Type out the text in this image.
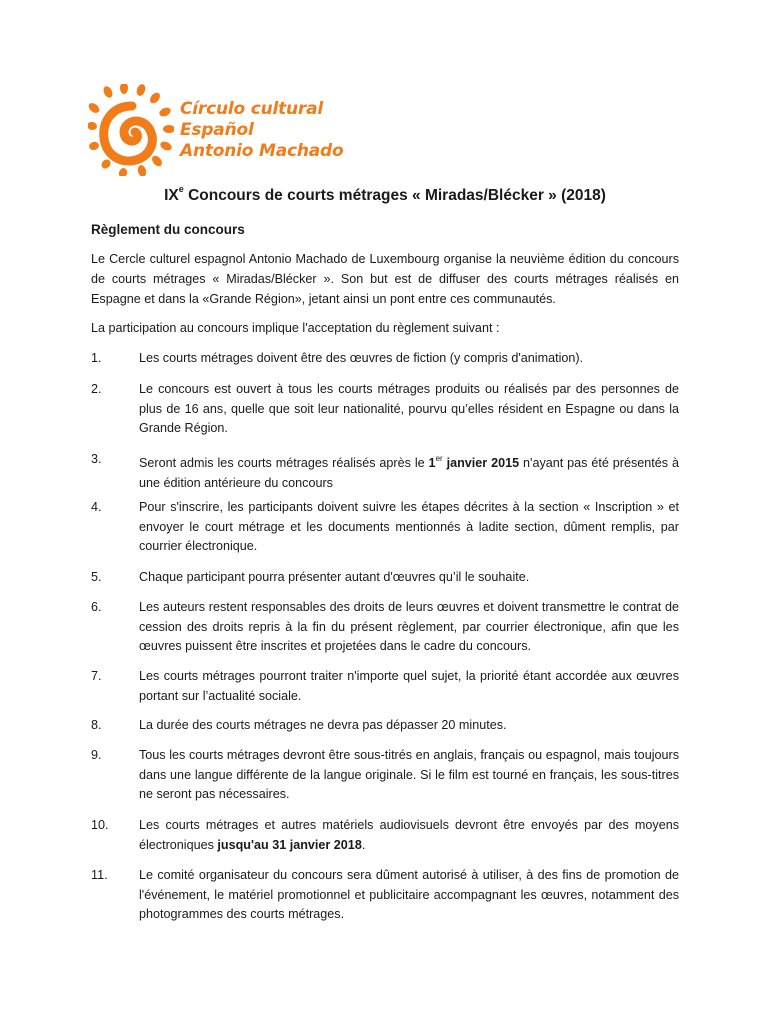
Círculo cultural Español
Antonio Machado
IXe Concours de courts métrages « Miradas/Blécker » (2018)
Règlement du concours

Le Cercle culturel espagnol Antonio Machado de Luxembourg organise la neuvième édition du concours de courts métrages « Miradas/Blécker ». Son but est de diffuser des courts métrages réalisés en Espagne et dans la «Grande Région», jetant ainsi un pont entre ces communautés.

La participation au concours implique l'acceptation du règlement suivant :

1.	Les courts métrages doivent être des œuvres de fiction (y compris d'animation).
2.	Le concours est ouvert à tous les courts métrages produits ou réalisés par des personnes de plus de 16 ans, quelle que soit leur nationalité, pourvu qu’elles résident en Espagne ou dans la Grande Région.
3.	Seront admis les courts métrages réalisés après le 1er janvier 2015 n'ayant pas été présentés à une édition antérieure du concours
4.	Pour s'inscrire, les participants doivent suivre les étapes décrites à la section « Inscription » et envoyer le court métrage et les documents mentionnés à ladite section, dûment remplis, par courrier électronique.
5.	Chaque participant pourra présenter autant d'œuvres qu’il le souhaite.
6.	Les auteurs restent responsables des droits de leurs œuvres et doivent transmettre le contrat de cession des droits repris à la fin du présent règlement, par courrier électronique, afin que les œuvres puissent être inscrites et projetées dans le cadre du concours.
7.	Les courts métrages pourront traiter n'importe quel sujet, la priorité étant accordée aux œuvres portant sur l’actualité sociale.
8.	La durée des courts métrages ne devra pas dépasser 20 minutes.
9.	Tous les courts métrages devront être sous-titrés en anglais, français ou espagnol, mais toujours dans une langue différente de la langue originale. Si le film est tourné en français, les sous-titres ne seront pas nécessaires.
10.	Les courts métrages et autres matériels audiovisuels devront être envoyés par des moyens électroniques jusqu'au 31 janvier 2018.
11.	Le comité organisateur du concours sera dûment autorisé à utiliser, à des fins de promotion de l'événement, le matériel promotionnel et publicitaire accompagnant les œuvres, notamment des photogrammes des courts métrages.
